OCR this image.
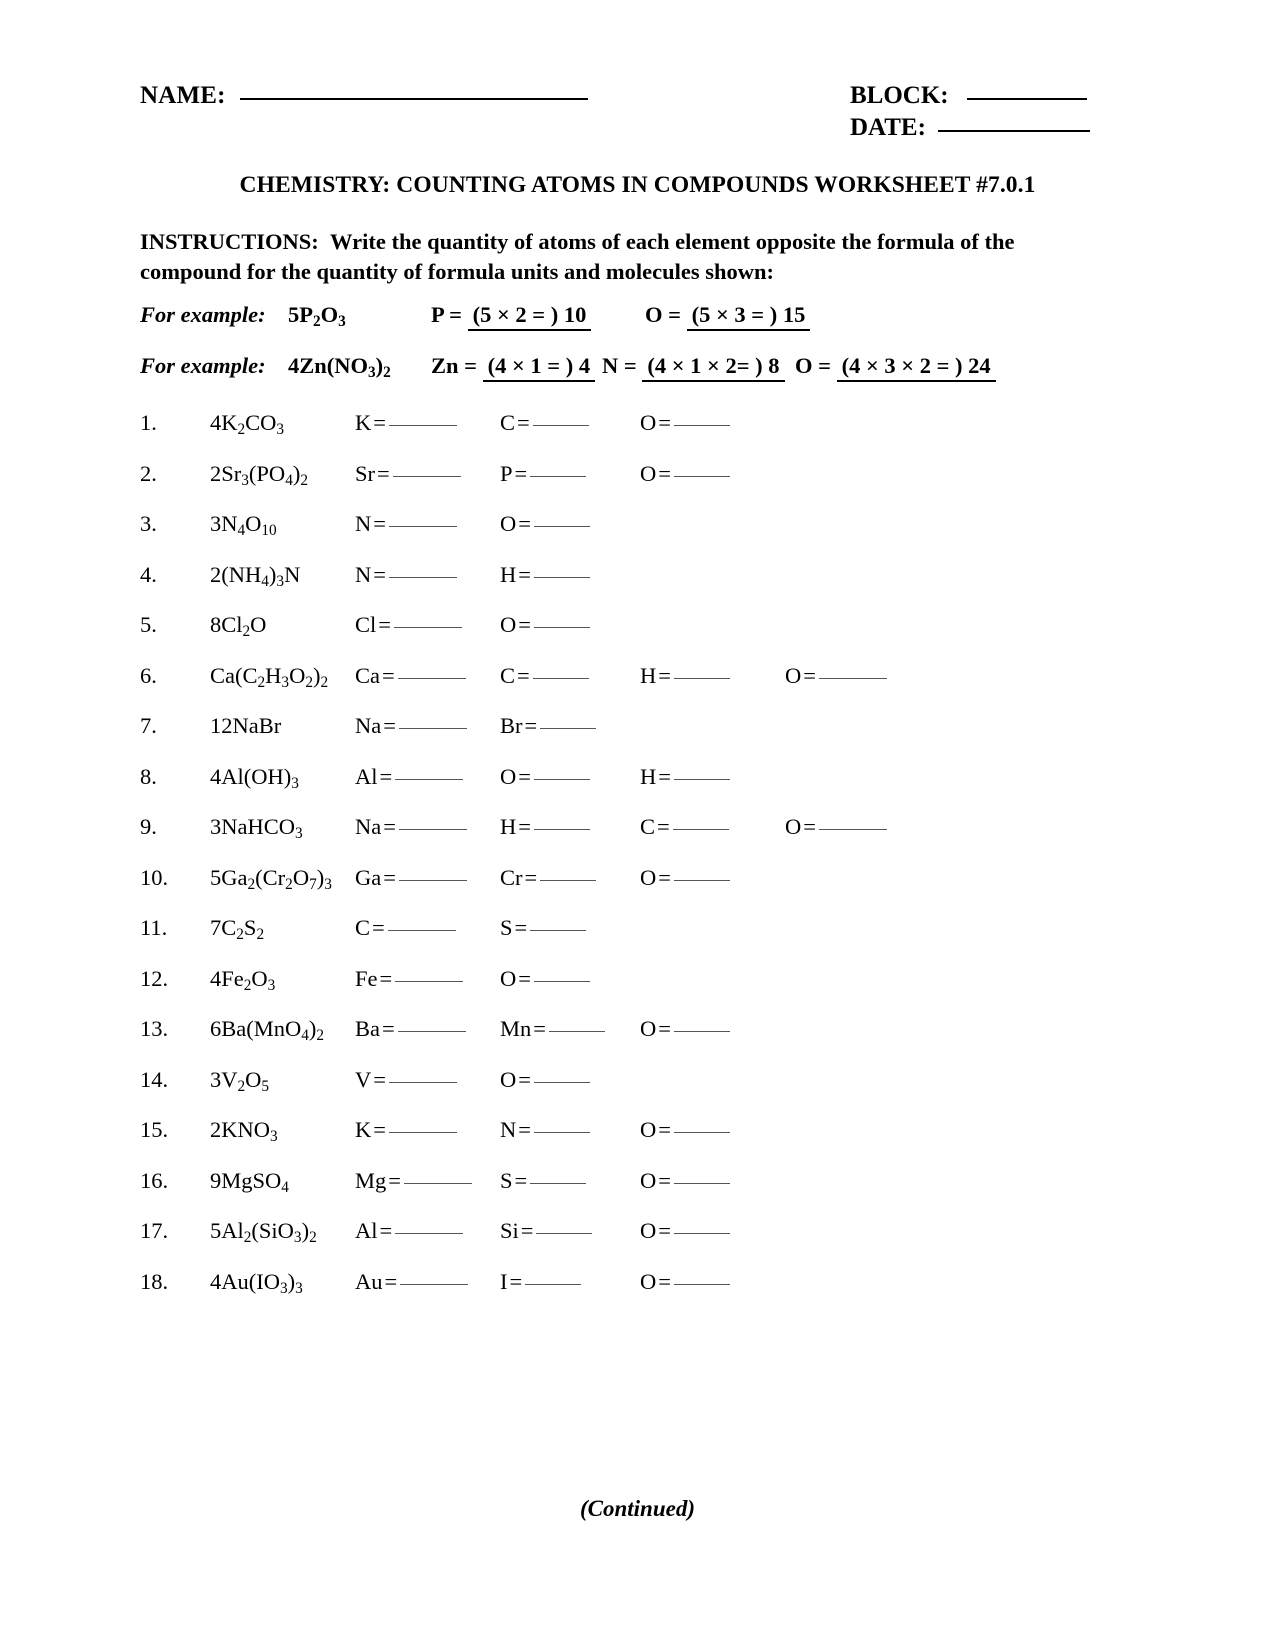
NAME:	BLOCK:
DATE:
CHEMISTRY: COUNTING ATOMS IN COMPOUNDS WORKSHEET #7.0.1
INSTRUCTIONS: Write the quantity of atoms of each element opposite the formula of the compound for the quantity of formula units and molecules shown:
For example: $5P_2O_3$	P = (5 × 2 = ) 10	O = (5 × 3 = ) 15
For example: $4Zn(NO_3)_2$ Zn = (4 × 1 = ) 4 N = (4 × 1 × 2= ) 8 O = (4 × 3 × 2 = ) 24
1.	$4K_2CO_3$	K =	C =	O =
2.	$2Sr_3(PO_4)_2$ Sr =	P =	O =
3.	$3N_4O_{10}$	N =	O =
4.	$2(NH_4)_3N$ N =	H =
5.	$8Cl_2O$	Cl =	O =
6.	$Ca(C_2H_3O_2)_2$ Ca =	C =	H =	O =
7.	12NaBr	Na =	Br =
8.	$4Al(OH)_3$ Al =	O =	H =
9.	3NaHCO$_3$ Na =	H =	C =	O =
10.	$5Ga_2(Cr_2O_7)_3$ Ga =	Cr =	O =
11.	$7C_2S_2$	C =	S =
12.	$4Fe_2O_3$	Fe =	O =
13.	$6Ba(MnO_4)_2$ Ba =	Mn =	O =
14.	$3V_2O_5$	V =	O =
15.	$2KNO_3$	K =	N =	O =
16.	9MgSO$_4$	Mg =	S =	O =
17.	$5Al_2(SiO_3)_2$ Al =	Si =	O =
18.	$4Au(IO_3)_3$ Au =	I =	O =
(Continued)
